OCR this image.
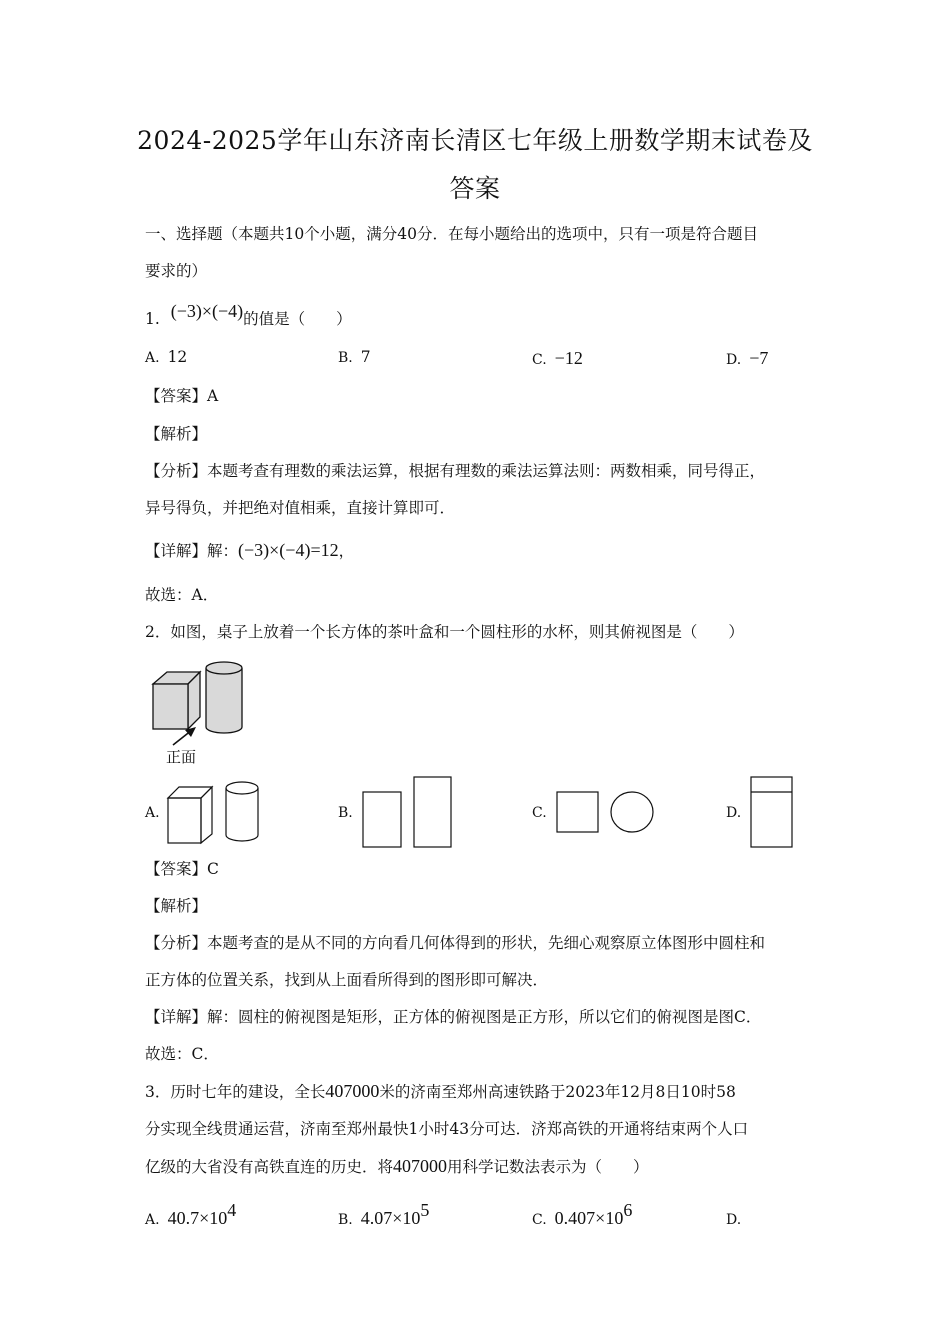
2024-2025学年山东济南长清区七年级上册数学期末试卷及
答案
一、选择题（本题共10个小题，满分40分．在每小题给出的选项中，只有一项是符合题目
要求的）
1. (−3)×(−4)的值是（　　）
A. 12	B. 7	C. −12	D. −7
【答案】A
【解析】
【分析】本题考查有理数的乘法运算，根据有理数的乘法运算法则：两数相乘，同号得正，
异号得负，并把绝对值相乘，直接计算即可．
【详解】解：(−3)×(−4)=12，
故选：A．
2．如图，桌子上放着一个长方体的茶叶盒和一个圆柱形的水杯，则其俯视图是（　　）
正面
A.	B.	C.	D.
【答案】C
【解析】
【分析】本题考查的是从不同的方向看几何体得到的形状，先细心观察原立体图形中圆柱和
正方体的位置关系，找到从上面看所得到的图形即可解决．
【详解】解：圆柱的俯视图是矩形，正方体的俯视图是正方形，所以它们的俯视图是图C．
故选：C．
3．历时七年的建设，全长407000米的济南至郑州高速铁路于2023年12月8日10时58
分实现全线贯通运营，济南至郑州最快1小时43分可达．济郑高铁的开通将结束两个人口
亿级的大省没有高铁直连的历史．将407000用科学记数法表示为（　　）
A. $40.7\times 10^4$	B. $4.07\times 10^5$	C. $0.407\times 10^6$	D.
